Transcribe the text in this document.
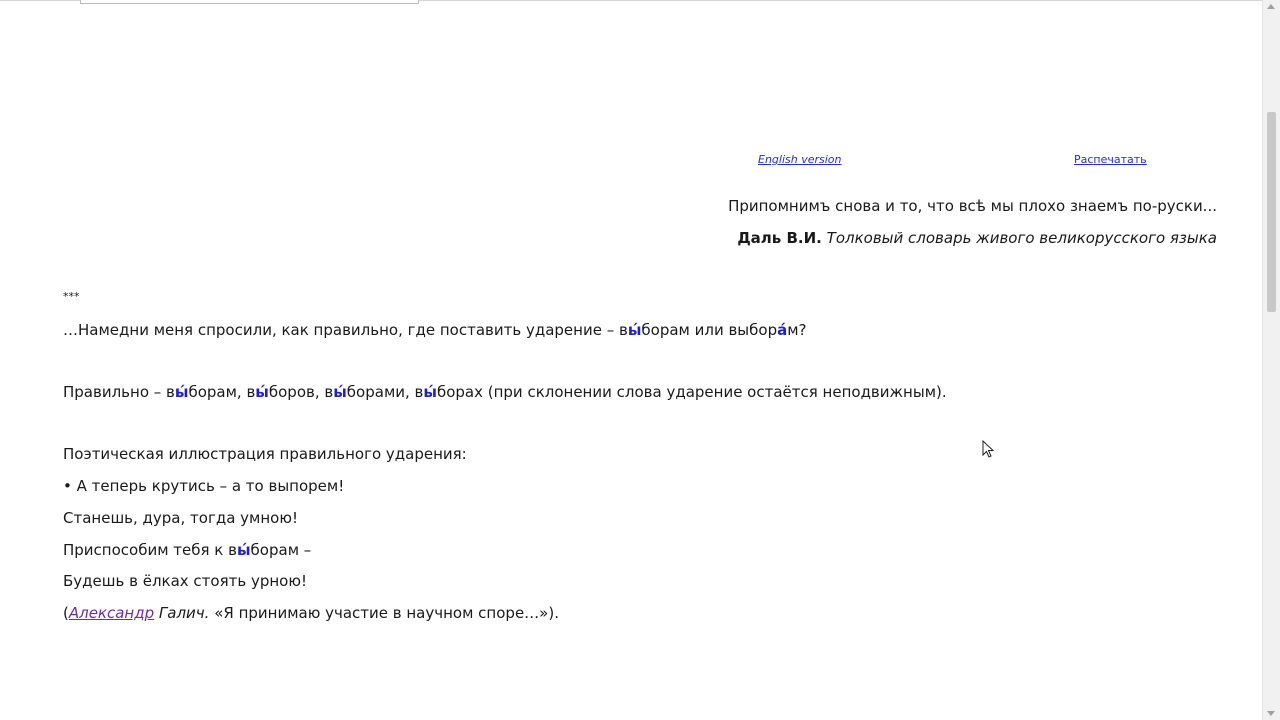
English version	Распечатать
Припомнимъ снова и то, что всѣ мы плохо знаемъ по-руски...
Даль В.И. Толковый словарь живого великорусского языка
***
…Намедни меня спросили, как правильно, где поставить ударение – вы́борам или выбора́м?
Правильно – вы́борам, вы́боров, вы́борами, вы́борах (при склонении слова ударение остаётся неподвижным).
Поэтическая иллюстрация правильного ударения:
• А теперь крутись – а то выпорем!
Станешь, дура, тогда умною!
Приспособим тебя к вы́борам –
Будешь в ёлках стоять урною!
(Александр Галич. «Я принимаю участие в научном споре…»).
